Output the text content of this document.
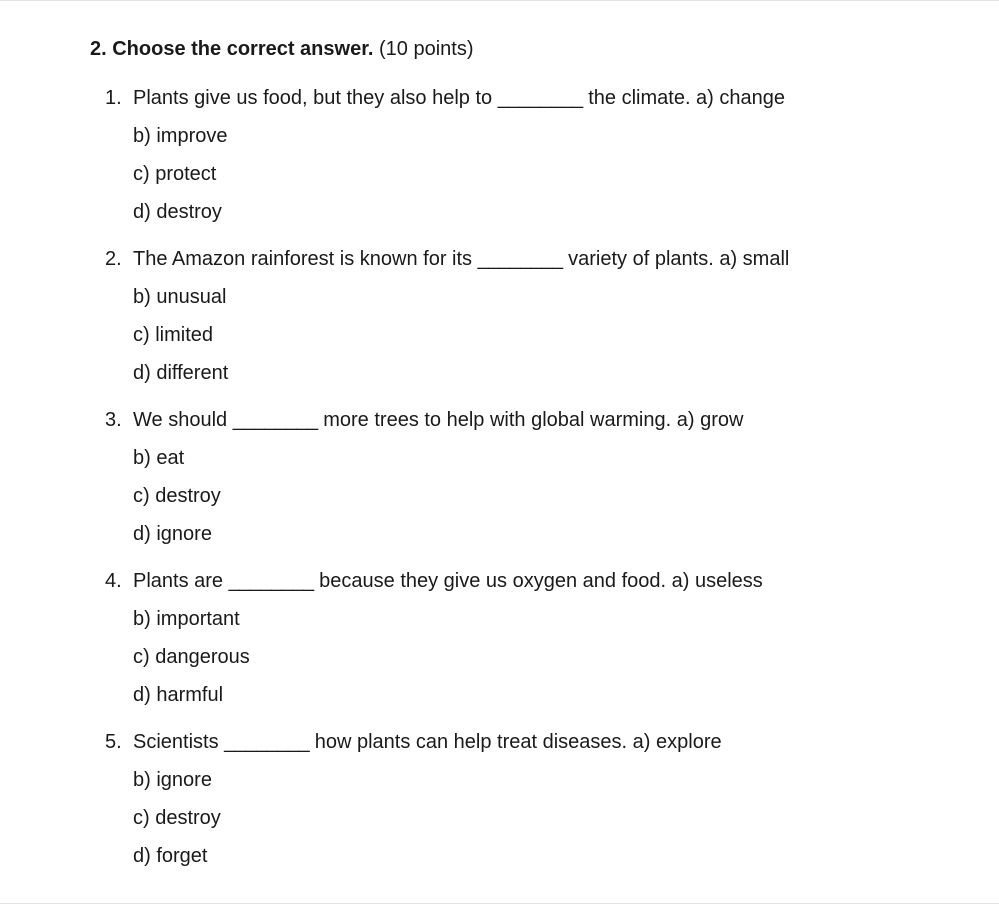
2. Choose the correct answer. (10 points)
1. Plants give us food, but they also help to ________ the climate. a) change
b) improve
c) protect
d) destroy
2. The Amazon rainforest is known for its ________ variety of plants. a) small
b) unusual
c) limited
d) different
3. We should ________ more trees to help with global warming. a) grow
b) eat
c) destroy
d) ignore
4. Plants are ________ because they give us oxygen and food. a) useless
b) important
c) dangerous
d) harmful
5. Scientists ________ how plants can help treat diseases. a) explore
b) ignore
c) destroy
d) forget
